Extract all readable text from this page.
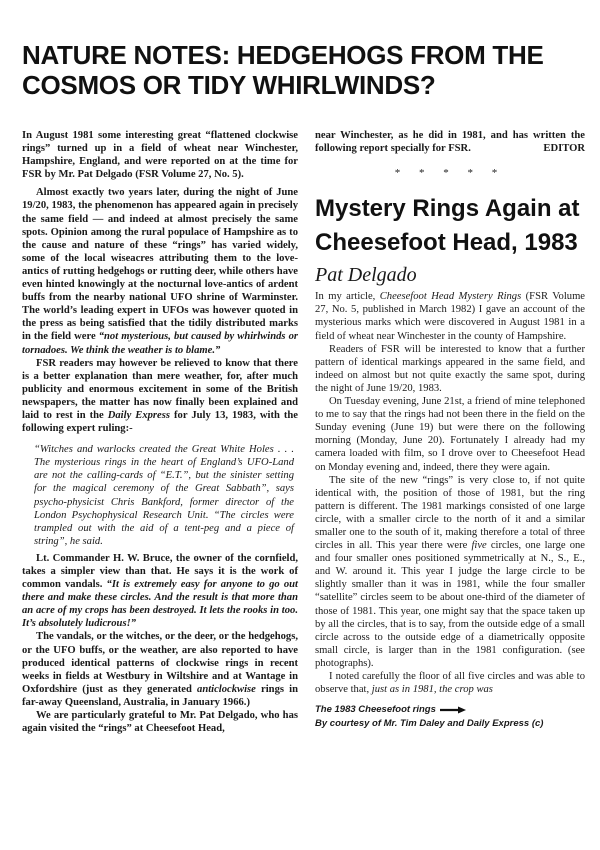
NATURE NOTES: HEDGEHOGS FROM THE COSMOS OR TIDY WHIRLWINDS?

In August 1981 some interesting great “flattened clockwise rings” turned up in a field of wheat near Winchester, Hampshire, England, and were reported on at the time for FSR by Mr. Pat Delgado (FSR Volume 27, No. 5).

Almost exactly two years later, during the night of June 19/20, 1983, the phenomenon has appeared again in precisely the same field — and indeed at almost precisely the same spots. Opinion among the rural populace of Hampshire as to the cause and nature of these “rings” has varied widely, some of the local wiseacres attributing them to the love-antics of rutting hedgehogs or rutting deer, while others have even hinted knowingly at the nocturnal love-antics of ardent buffs from the nearby national UFO shrine of Warminster. The world’s leading expert in UFOs was however quoted in the press as being satisfied that the tidily distributed marks in the field were “not mysterious, but caused by whirlwinds or tornadoes. We think the weather is to blame.”

FSR readers may however be relieved to know that there is a better explanation than mere weather, for, after much publicity and enormous excitement in some of the British newspapers, the matter has now finally been explained and laid to rest in the Daily Express for July 13, 1983, with the following expert ruling:-

“Witches and warlocks created the Great White Holes . . . The mysterious rings in the heart of England’s UFO-Land are not the calling-cards of “E.T.”, but the sinister setting for the magical ceremony of the Great Sabbath”, says psycho-physicist Chris Bankford, former director of the London Psychophysical Research Unit. “The circles were trampled out with the aid of a tent-peg and a piece of string”, he said.

Lt. Commander H. W. Bruce, the owner of the cornfield, takes a simpler view than that. He says it is the work of common vandals. “It is extremely easy for anyone to go out there and make these circles. And the result is that more than an acre of my crops has been destroyed. It lets the rooks in too. It’s absolutely ludicrous!”

The vandals, or the witches, or the deer, or the hedgehogs, or the UFO buffs, or the weather, are also reported to have produced identical patterns of clockwise rings in recent weeks in fields at Westbury in Wiltshire and at Wantage in Oxfordshire (just as they generated anticlockwise rings in far-away Queensland, Australia, in January 1966.)

We are particularly grateful to Mr. Pat Delgado, who has again visited the “rings” at Cheesefoot Head,

near Winchester, as he did in 1981, and has written the following report specially for FSR.	EDITOR

* * * * *

Mystery Rings Again at Cheesefoot Head, 1983

Pat Delgado

In my article, Cheesefoot Head Mystery Rings (FSR Volume 27, No. 5, published in March 1982) I gave an account of the mysterious marks which were discovered in August 1981 in a field of wheat near Winchester in the county of Hampshire.

Readers of FSR will be interested to know that a further pattern of identical markings appeared in the same field, and indeed on almost but not quite exactly the same spot, during the night of June 19/20, 1983.

On Tuesday evening, June 21st, a friend of mine telephoned to me to say that the rings had not been there in the field on the Sunday evening (June 19) but were there on the following morning (Monday, June 20). Fortunately I already had my camera loaded with film, so I drove over to Cheesefoot Head on Monday evening and, indeed, there they were again.

The site of the new “rings” is very close to, if not quite identical with, the position of those of 1981, but the ring pattern is different. The 1981 markings consisted of one large circle, with a smaller circle to the north of it and a similar smaller one to the south of it, making therefore a total of three circles in all. This year there were five circles, one large one and four smaller ones positioned symmetrically at N., S., E., and W. around it. This year I judge the large circle to be slightly smaller than it was in 1981, while the four smaller “satellite” circles seem to be about one-third of the diameter of those of 1981. This year, one might say that the space taken up by all the circles, that is to say, from the outside edge of a small circle across to the outside edge of a diametrically opposite small circle, is larger than in the 1981 configuration. (see photographs).

I noted carefully the floor of all five circles and was able to observe that, just as in 1981, the crop was

The 1983 Cheesefoot rings

By courtesy of Mr. Tim Daley and Daily Express (c)
